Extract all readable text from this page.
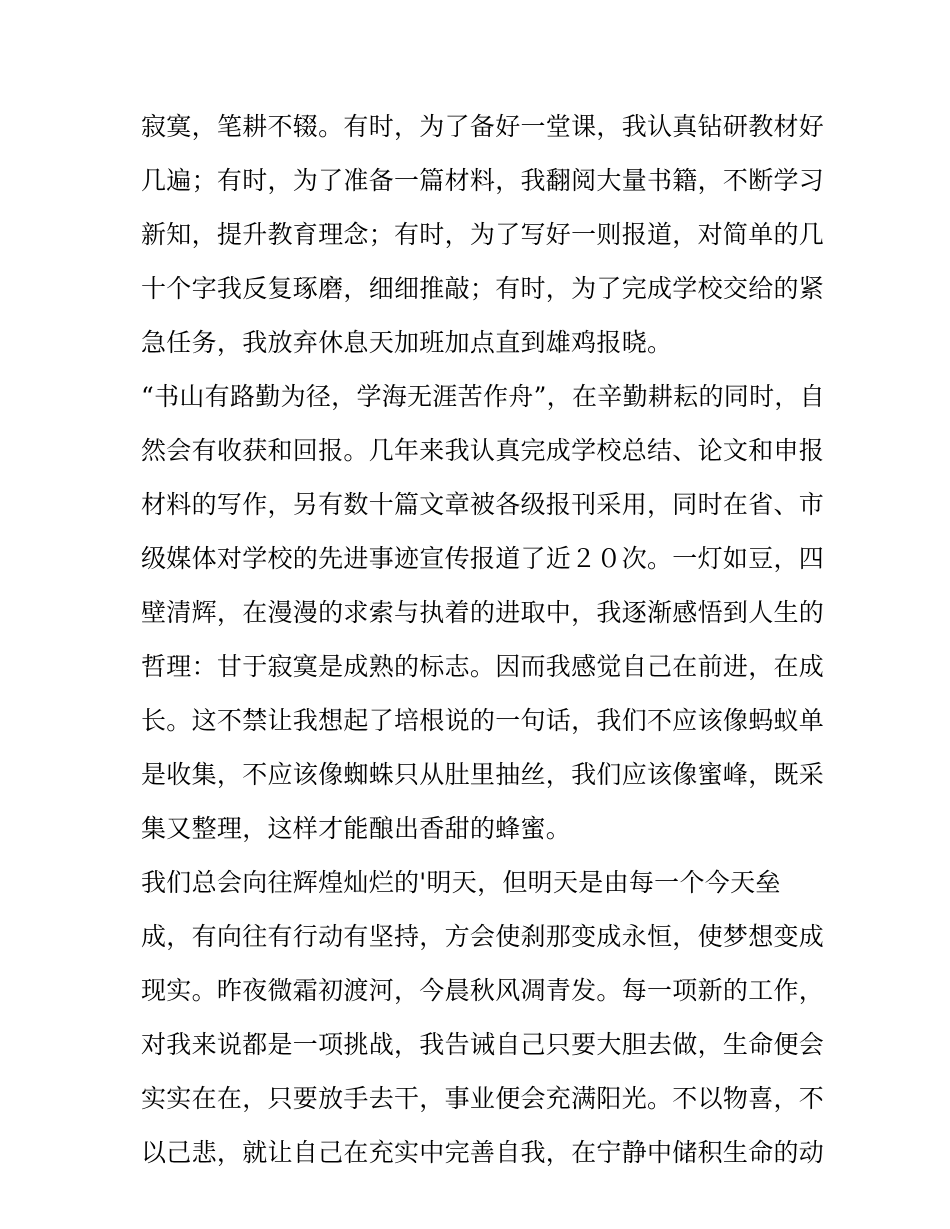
寂寞，笔耕不辍。有时，为了备好一堂课，我认真钻研教材好
几遍；有时，为了准备一篇材料，我翻阅大量书籍，不断学习
新知，提升教育理念；有时，为了写好一则报道，对简单的几
十个字我反复琢磨，细细推敲；有时，为了完成学校交给的紧
急任务，我放弃休息天加班加点直到雄鸡报晓。
“书山有路勤为径，学海无涯苦作舟”，在辛勤耕耘的同时，自
然会有收获和回报。几年来我认真完成学校总结、论文和申报
材料的写作，另有数十篇文章被各级报刊采用，同时在省、市
级媒体对学校的先进事迹宣传报道了近２０次。一灯如豆，四
壁清辉，在漫漫的求索与执着的进取中，我逐渐感悟到人生的
哲理：甘于寂寞是成熟的标志。因而我感觉自己在前进，在成
长。这不禁让我想起了培根说的一句话，我们不应该像蚂蚁单
是收集，不应该像蜘蛛只从肚里抽丝，我们应该像蜜峰，既采
集又整理，这样才能酿出香甜的蜂蜜。
我们总会向往辉煌灿烂的'明天，但明天是由每一个今天垒
成，有向往有行动有坚持，方会使刹那变成永恒，使梦想变成
现实。昨夜微霜初渡河，今晨秋风凋青发。每一项新的工作，
对我来说都是一项挑战，我告诫自己只要大胆去做，生命便会
实实在在，只要放手去干，事业便会充满阳光。不以物喜，不
以己悲，就让自己在充实中完善自我，在宁静中储积生命的动
